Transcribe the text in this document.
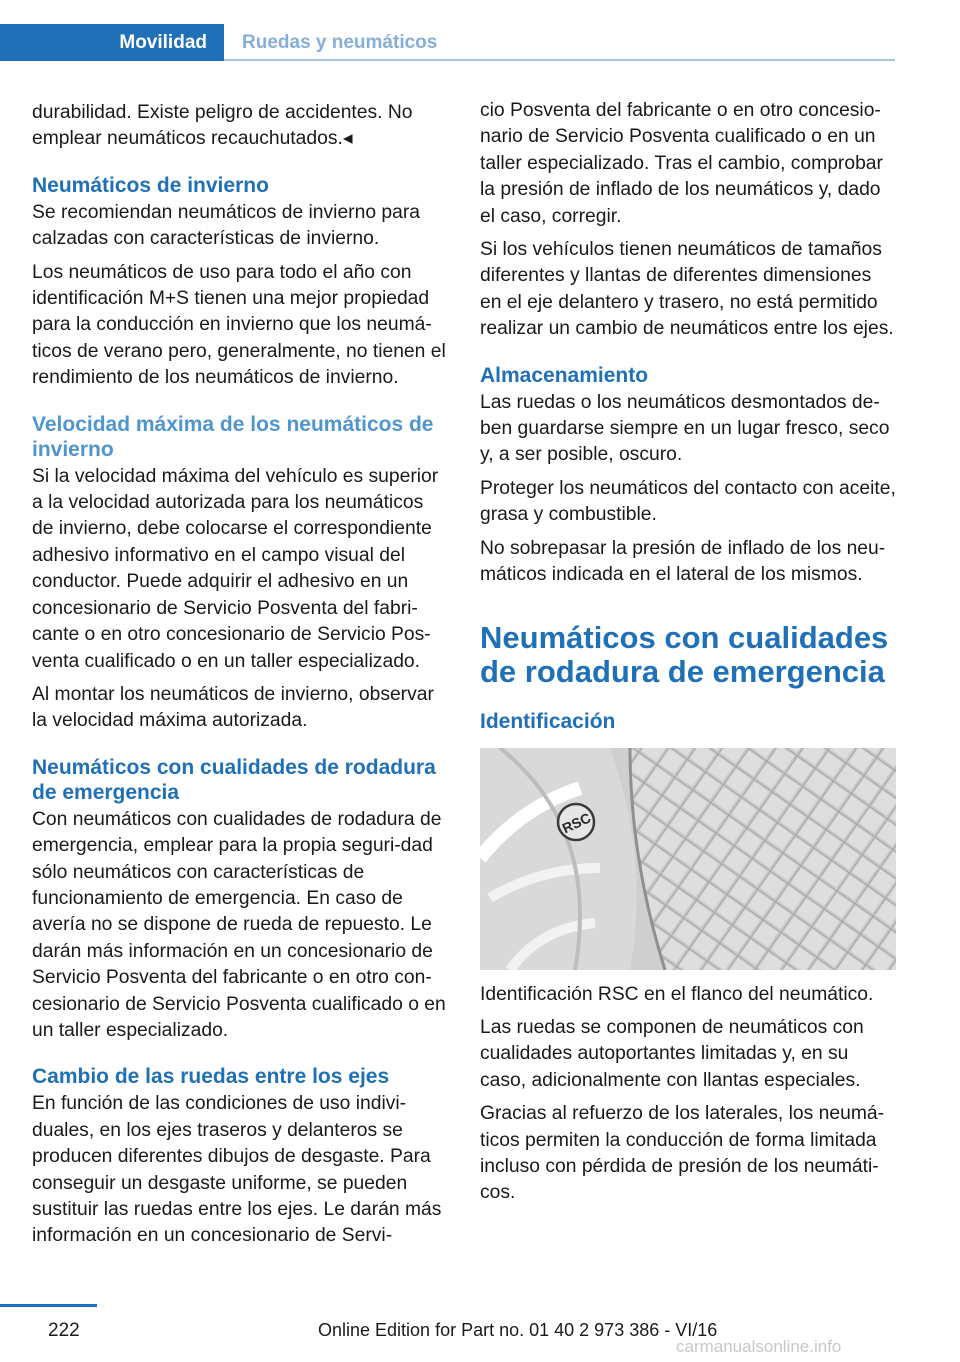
Movilidad	Ruedas y neumáticos

durabilidad. Existe peligro de accidentes. No emplear neumáticos recauchutados.◂

Neumáticos de invierno

Se recomiendan neumáticos de invierno para calzadas con características de invierno.

Los neumáticos de uso para todo el año con identificación M+S tienen una mejor propiedad para la conducción en invierno que los neumá‐ticos de verano pero, generalmente, no tienen el rendimiento de los neumáticos de invierno.

Velocidad máxima de los neumáticos de invierno

Si la velocidad máxima del vehículo es superior a la velocidad autorizada para los neumáticos de invierno, debe colocarse el correspondiente adhesivo informativo en el campo visual del conductor. Puede adquirir el adhesivo en un concesionario de Servicio Posventa del fabri‐cante o en otro concesionario de Servicio Pos‐venta cualificado o en un taller especializado.

Al montar los neumáticos de invierno, observar la velocidad máxima autorizada.

Neumáticos con cualidades de rodadura de emergencia

Con neumáticos con cualidades de rodadura de emergencia, emplear para la propia seguri‐dad sólo neumáticos con características de funcionamiento de emergencia. En caso de avería no se dispone de rueda de repuesto. Le darán más información en un concesionario de Servicio Posventa del fabricante o en otro con‐cesionario de Servicio Posventa cualificado o en un taller especializado.

Cambio de las ruedas entre los ejes

En función de las condiciones de uso indivi‐duales, en los ejes traseros y delanteros se producen diferentes dibujos de desgaste. Para conseguir un desgaste uniforme, se pueden sustituir las ruedas entre los ejes. Le darán más información en un concesionario de Servi‐

cio Posventa del fabricante o en otro concesio‐nario de Servicio Posventa cualificado o en un taller especializado. Tras el cambio, comprobar la presión de inflado de los neumáticos y, dado el caso, corregir.

Si los vehículos tienen neumáticos de tamaños diferentes y llantas de diferentes dimensiones en el eje delantero y trasero, no está permitido realizar un cambio de neumáticos entre los ejes.

Almacenamiento

Las ruedas o los neumáticos desmontados de‐ben guardarse siempre en un lugar fresco, seco y, a ser posible, oscuro.

Proteger los neumáticos del contacto con aceite, grasa y combustible.

No sobrepasar la presión de inflado de los neu‐máticos indicada en el lateral de los mismos.

Neumáticos con cualidades de rodadura de emergencia
Identificación
RSC

Identificación RSC en el flanco del neumático.

Las ruedas se componen de neumáticos con cualidades autoportantes limitadas y, en su caso, adicionalmente con llantas especiales.

Gracias al refuerzo de los laterales, los neumá‐ticos permiten la conducción de forma limitada incluso con pérdida de presión de los neumáti‐cos.

222	Online Edition for Part no. 01 40 2 973 386 - VI/16
carmanualsonline.info
